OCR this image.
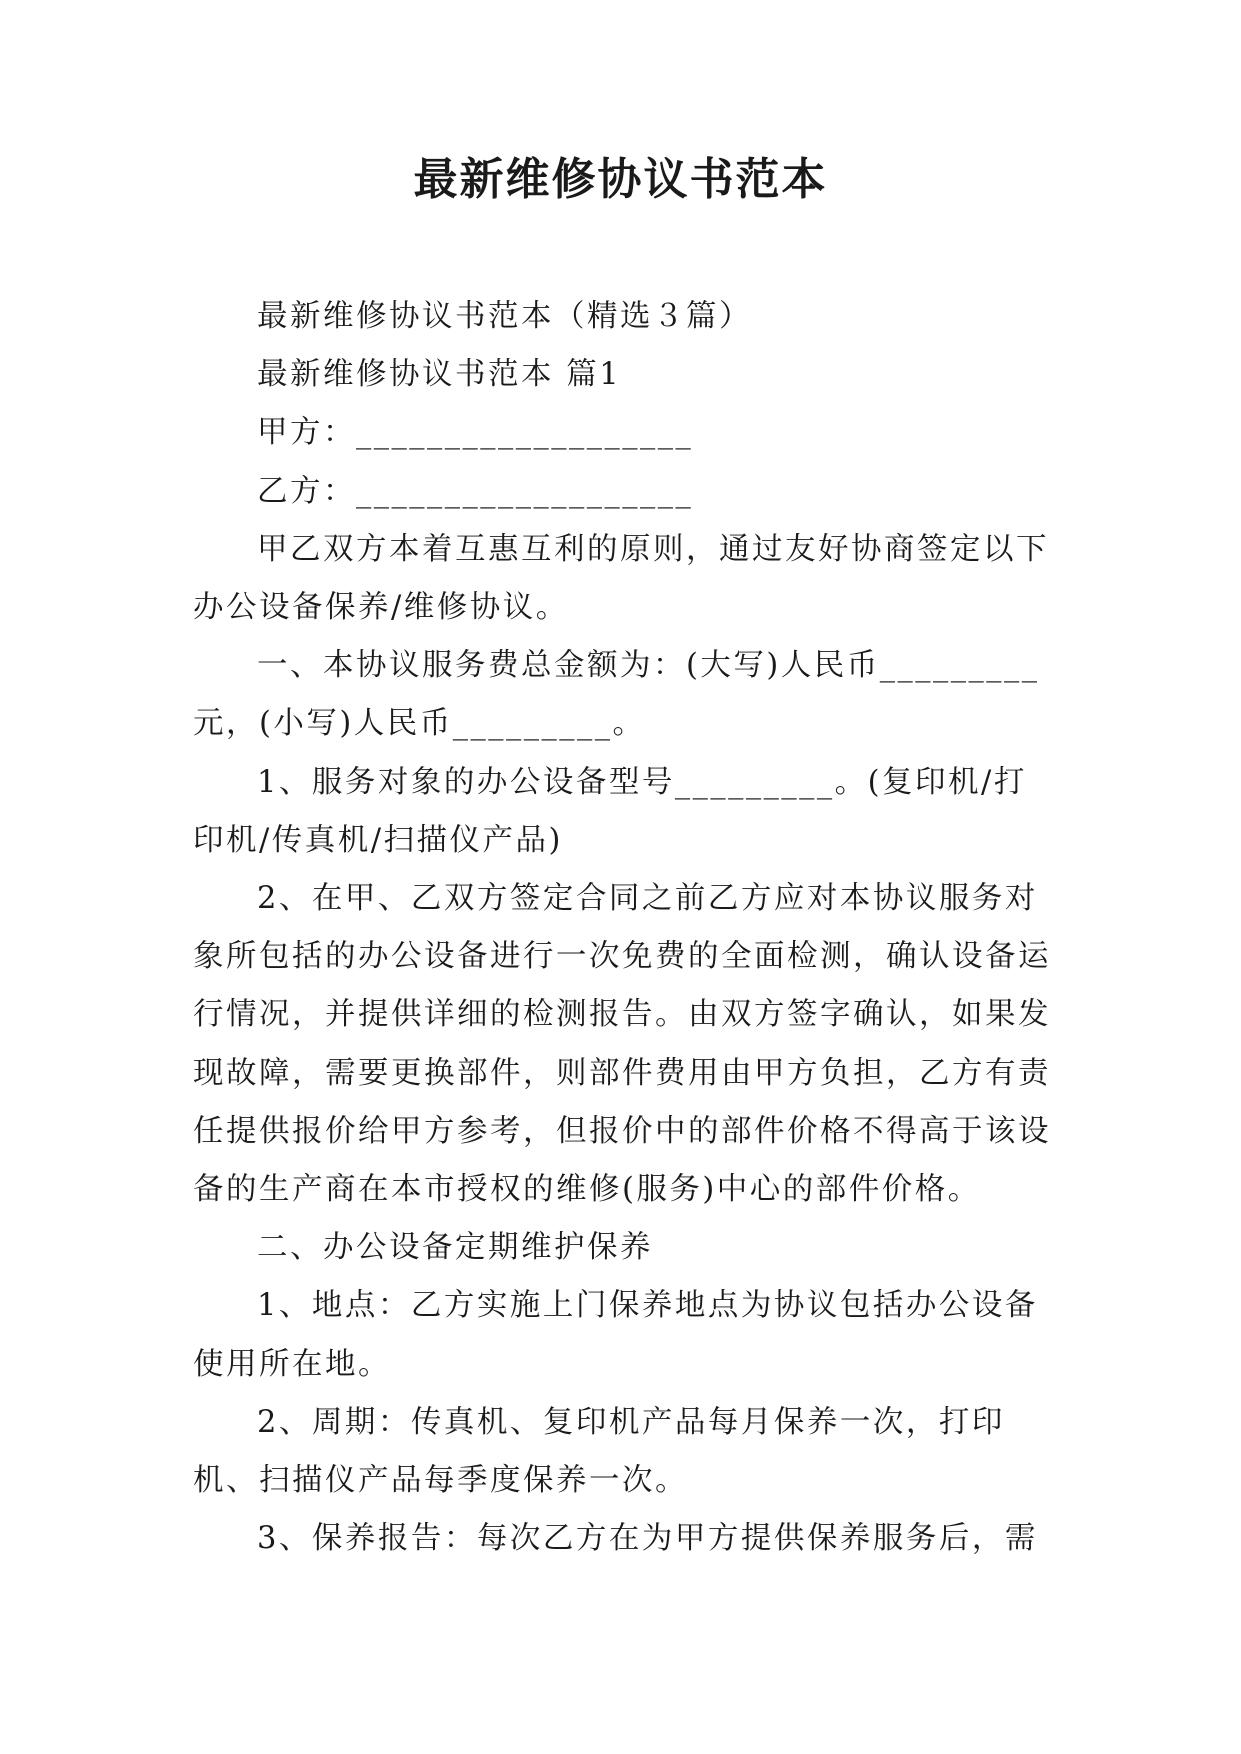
最新维修协议书范本

最新维修协议书范本（精选３篇）

最新维修协议书范本 篇1

甲方：___________________

乙方：___________________

甲乙双方本着互惠互利的原则，通过友好协商签定以下办公设备保养/维修协议。

一、本协议服务费总金额为：(大写)人民币_________元，(小写)人民币_________。

1、服务对象的办公设备型号_________。(复印机/打印机/传真机/扫描仪产品)

2、在甲、乙双方签定合同之前乙方应对本协议服务对象所包括的办公设备进行一次免费的全面检测，确认设备运行情况，并提供详细的检测报告。由双方签字确认，如果发现故障，需要更换部件，则部件费用由甲方负担，乙方有责任提供报价给甲方参考，但报价中的部件价格不得高于该设备的生产商在本市授权的维修(服务)中心的部件价格。

二、办公设备定期维护保养

1、地点：乙方实施上门保养地点为协议包括办公设备使用所在地。

2、周期：传真机、复印机产品每月保养一次，打印机、扫描仪产品每季度保养一次。

3、保养报告：每次乙方在为甲方提供保养服务后，需
